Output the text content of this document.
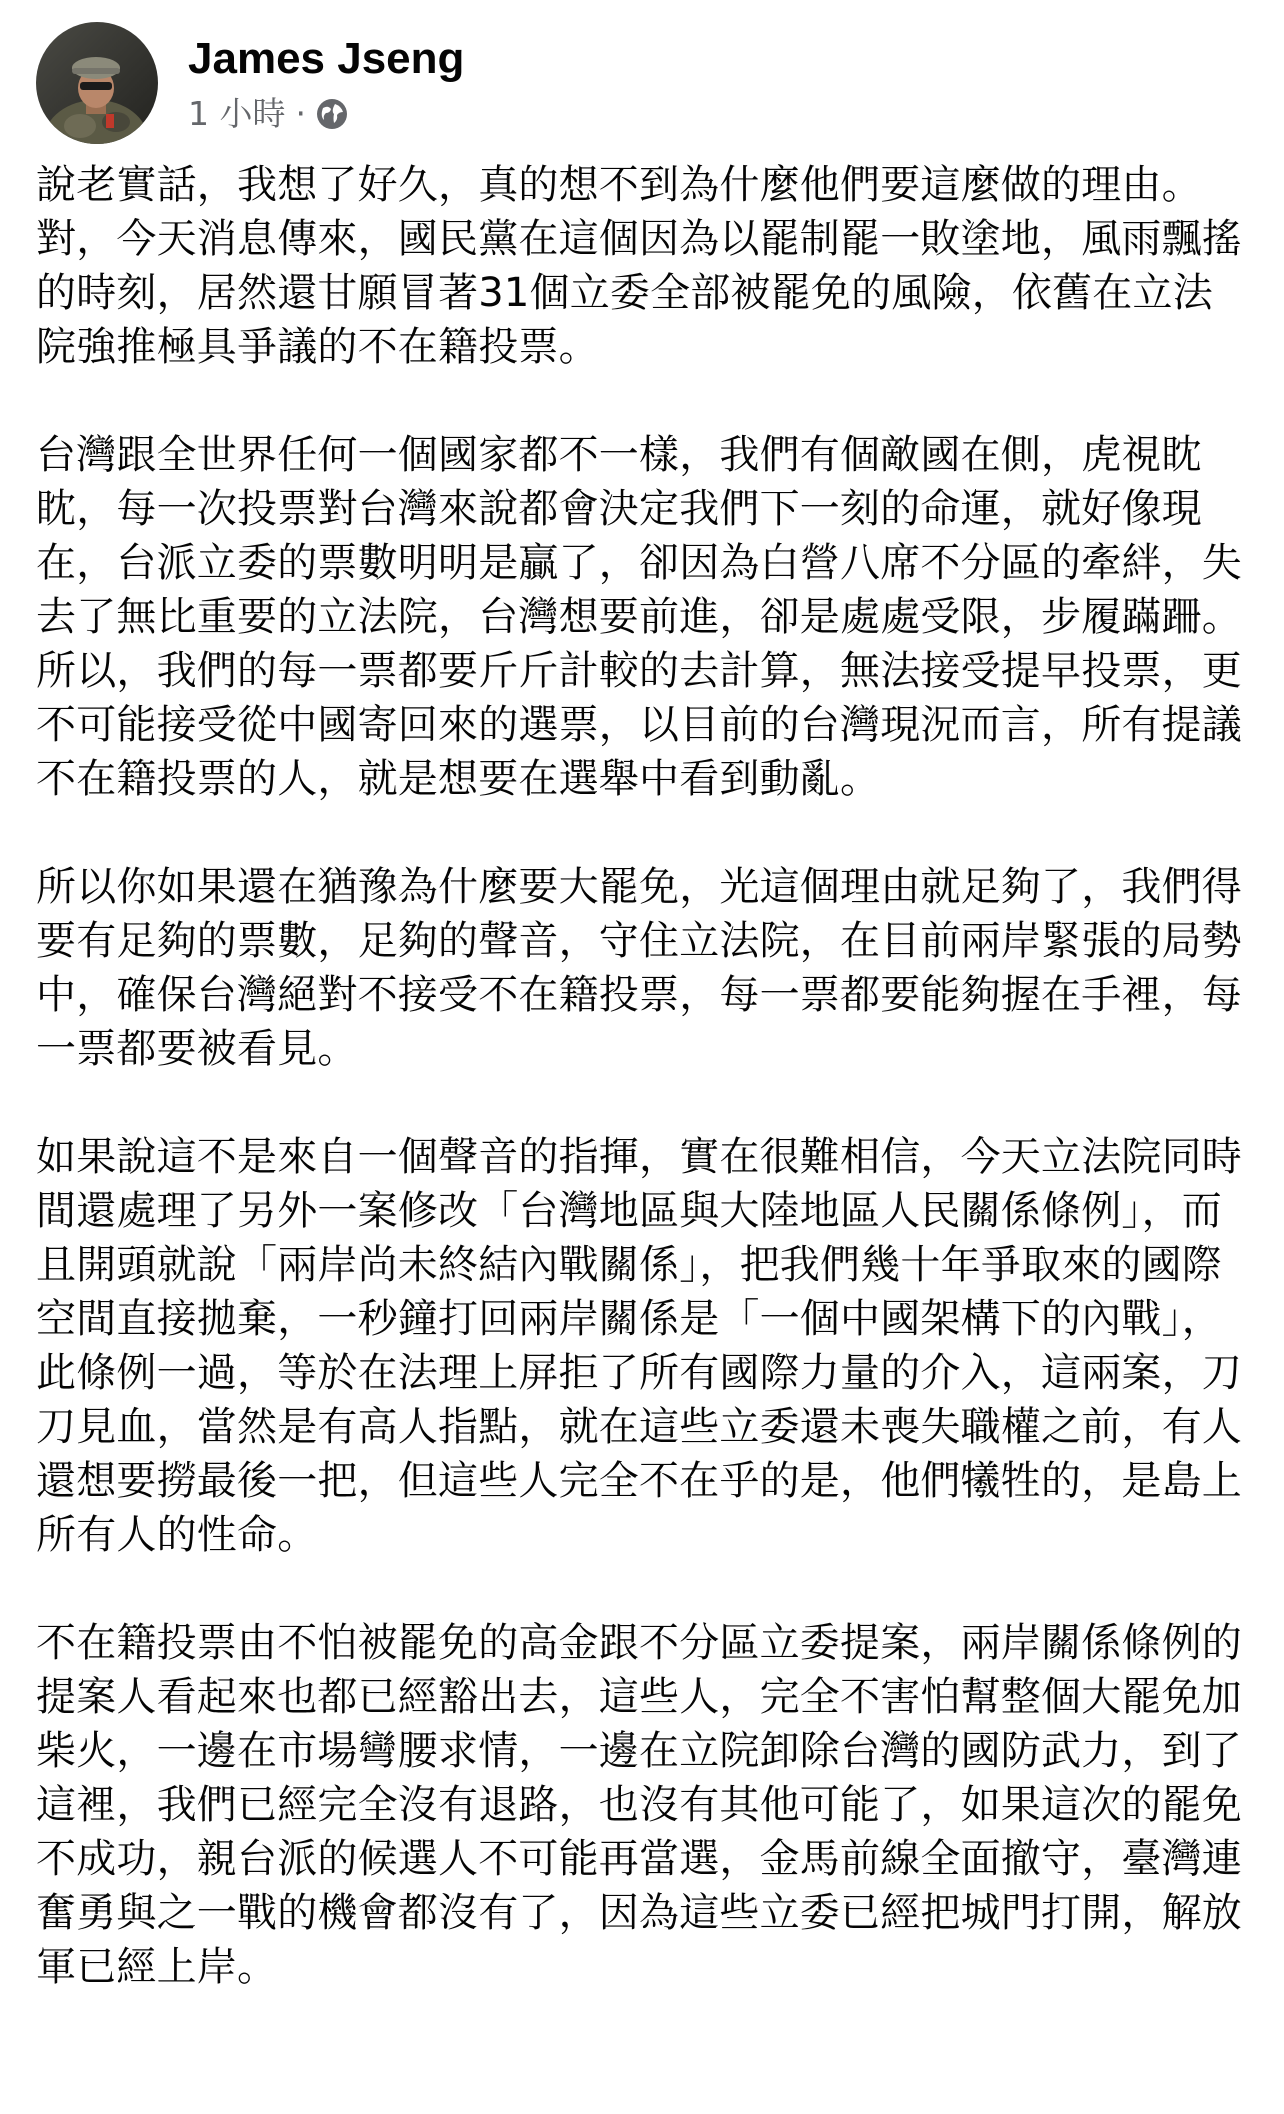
James Jseng
1 小時 ·

說老實話，我想了好久，真的想不到為什麼他們要這麼做的理由。對，今天消息傳來，國民黨在這個因為以罷制罷一敗塗地，風雨飄搖的時刻，居然還甘願冒著31個立委全部被罷免的風險，依舊在立法院強推極具爭議的不在籍投票。

台灣跟全世界任何一個國家都不一樣，我們有個敵國在側，虎視眈眈，每一次投票對台灣來說都會決定我們下一刻的命運，就好像現在，台派立委的票數明明是贏了，卻因為白營八席不分區的牽絆，失去了無比重要的立法院，台灣想要前進，卻是處處受限，步履蹣跚。所以，我們的每一票都要斤斤計較的去計算，無法接受提早投票，更不可能接受從中國寄回來的選票，以目前的台灣現況而言，所有提議不在籍投票的人，就是想要在選舉中看到動亂。

所以你如果還在猶豫為什麼要大罷免，光這個理由就足夠了，我們得要有足夠的票數，足夠的聲音，守住立法院，在目前兩岸緊張的局勢中，確保台灣絕對不接受不在籍投票，每一票都要能夠握在手裡，每一票都要被看見。

如果說這不是來自一個聲音的指揮，實在很難相信，今天立法院同時間還處理了另外一案修改「台灣地區與大陸地區人民關係條例」，而且開頭就說「兩岸尚未終結內戰關係」，把我們幾十年爭取來的國際空間直接拋棄，一秒鐘打回兩岸關係是「一個中國架構下的內戰」，此條例一過，等於在法理上屏拒了所有國際力量的介入，這兩案，刀刀見血，當然是有高人指點，就在這些立委還未喪失職權之前，有人還想要撈最後一把，但這些人完全不在乎的是，他們犧牲的，是島上所有人的性命。

不在籍投票由不怕被罷免的高金跟不分區立委提案，兩岸關係條例的提案人看起來也都已經豁出去，這些人，完全不害怕幫整個大罷免加柴火，一邊在市場彎腰求情，一邊在立院卸除台灣的國防武力，到了這裡，我們已經完全沒有退路，也沒有其他可能了，如果這次的罷免不成功，親台派的候選人不可能再當選，金馬前線全面撤守，臺灣連奮勇與之一戰的機會都沒有了，因為這些立委已經把城門打開，解放軍已經上岸。
